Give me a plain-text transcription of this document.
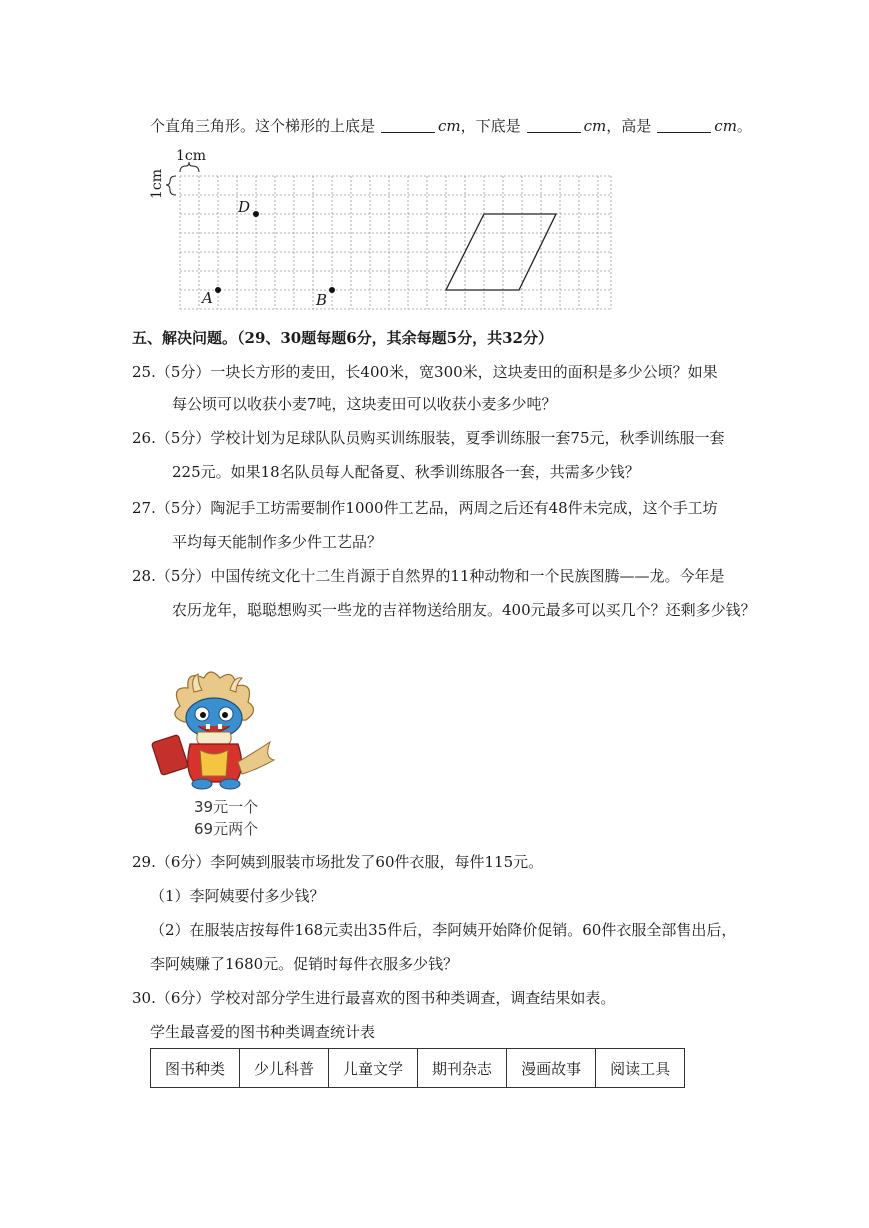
个直角三角形。这个梯形的上底是	cm，下底是	cm，高是	cm。
1cm
1cm
D
A	B
五、解决问题。（29、30题每题6分，其余每题5分，共32分）
25.（5分）一块长方形的麦田，长400米，宽300米，这块麦田的面积是多少公顷？如果
每公顷可以收获小麦7吨，这块麦田可以收获小麦多少吨？
26.（5分）学校计划为足球队队员购买训练服装，夏季训练服一套75元，秋季训练服一套
225元。如果18名队员每人配备夏、秋季训练服各一套，共需多少钱？
27.（5分）陶泥手工坊需要制作1000件工艺品，两周之后还有48件未完成，这个手工坊
平均每天能制作多少件工艺品？
28.（5分）中国传统文化十二生肖源于自然界的11种动物和一个民族图腾——龙。今年是
农历龙年，聪聪想购买一些龙的吉祥物送给朋友。400元最多可以买几个？还剩多少钱？
39元一个
69元两个
29.（6分）李阿姨到服装市场批发了60件衣服，每件115元。
（1）李阿姨要付多少钱？
（2）在服装店按每件168元卖出35件后，李阿姨开始降价促销。60件衣服全部售出后，
李阿姨赚了1680元。促销时每件衣服多少钱？
30.（6分）学校对部分学生进行最喜欢的图书种类调查，调查结果如表。
学生最喜爱的图书种类调查统计表
图书种类	少儿科普	儿童文学	期刊杂志	漫画故事	阅读工具
